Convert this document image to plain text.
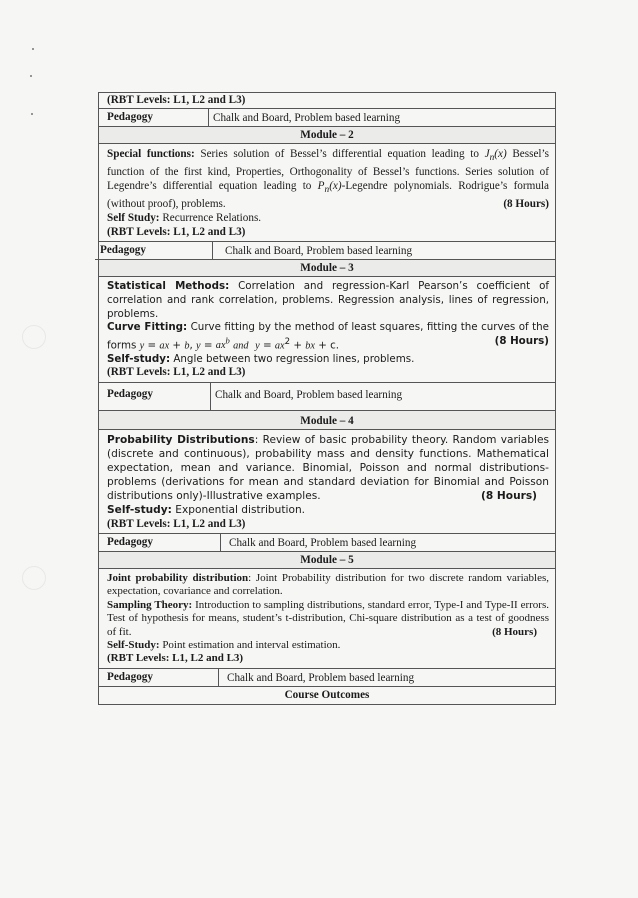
(RBT Levels: L1, L2 and L3)
Pedagogy	Chalk and Board, Problem based learning
Module – 2

Special functions: Series solution of Bessel’s differential equation leading to $J_n(x)$ Bessel’s function of the first kind, Properties, Orthogonality of Bessel’s functions. Series solution of Legendre’s differential equation leading to $P_n(x)$-Legendre polynomials. Rodrigue’s formula (without proof), problems.	(8 Hours)

Self Study: Recurrence Relations.

(RBT Levels: L1, L2 and L3)

Pedagogy	Chalk and Board, Problem based learning
Module – 3

Statistical Methods: Correlation and regression-Karl Pearson’s coefficient of correlation and rank correlation, problems. Regression analysis, lines of regression, problems.

Curve Fitting: Curve fitting by the method of least squares, fitting the curves of the forms y = ax + b, $y = ax^b$ and $y = ax^2$ + bx + c.	(8 Hours)

Self-study: Angle between two regression lines, problems.

(RBT Levels: L1, L2 and L3)

Pedagogy	Chalk and Board, Problem based learning
Module – 4

Probability Distributions: Review of basic probability theory. Random variables (discrete and continuous), probability mass and density functions. Mathematical expectation, mean and variance. Binomial, Poisson and normal distributions- problems (derivations for mean and standard deviation for Binomial and Poisson distributions only)-Illustrative examples.	(8 Hours)

Self-study: Exponential distribution.

(RBT Levels: L1, L2 and L3)

Pedagogy	Chalk and Board, Problem based learning
Module – 5

Joint probability distribution: Joint Probability distribution for two discrete random variables, expectation, covariance and correlation.

Sampling Theory: Introduction to sampling distributions, standard error, Type-I and Type-II errors. Test of hypothesis for means, student’s t-distribution, Chi-square distribution as a test of goodness of fit.	(8 Hours)

Self-Study: Point estimation and interval estimation.

(RBT Levels: L1, L2 and L3)

Pedagogy	Chalk and Board, Problem based learning
Course Outcomes
